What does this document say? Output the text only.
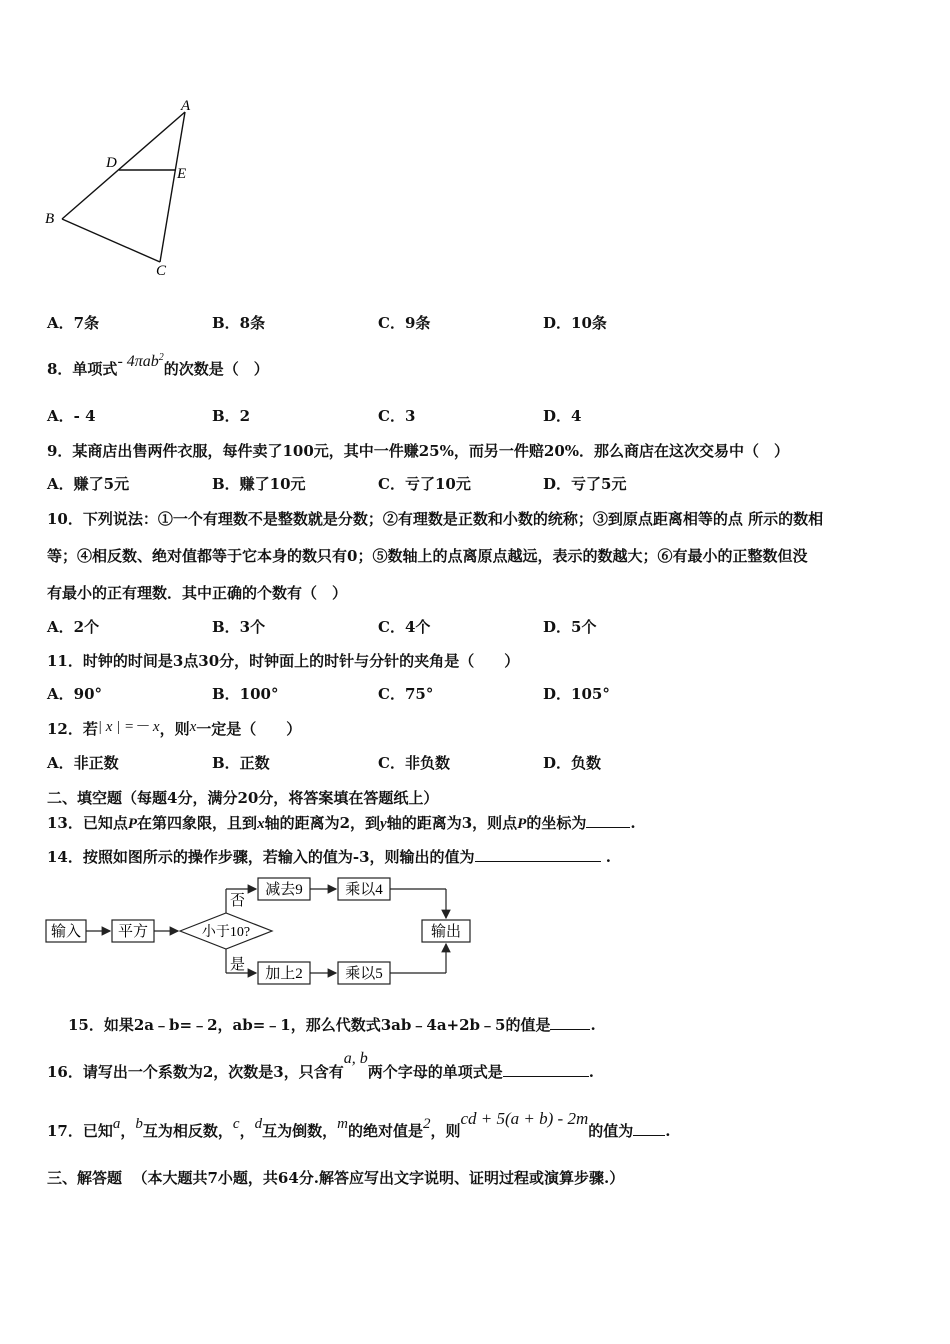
A
D
E
B
C
A．7条	B．8条	C．9条	D．10条
8．单项式- 4πab$^2$的次数是（　）
A．- 4	B．2	C．3	D．4
9．某商店出售两件衣服，每件卖了100元，其中一件赚25%，而另一件赔20%．那么商店在这次交易中（　）
A．赚了5元	B．赚了10元	C．亏了10元	D．亏了5元
10．下列说法：①一个有理数不是整数就是分数；②有理数是正数和小数的统称；③到原点距离相等的点 所示的数相
等；④相反数、绝对值都等于它本身的数只有0；⑤数轴上的点离原点越远，表示的数越大；⑥有最小的正整数但没
有最小的正有理数．其中正确的个数有（　）
A．2个	B．3个	C．4个	D．5个
11．时钟的时间是3点30分，时钟面上的时针与分针的夹角是（　　）
A．90°	B．100°	C．75°	D．105°
12．若| x | =－ x，则x一定是（　　）
A．非正数	B．正数	C．非负数	D．负数
二、填空题（每题4分，满分20分，将答案填在答题纸上）
13．已知点P在第四象限，且到x轴的距离为2，到y轴的距离为3，则点P的坐标为	.
14．按照如图所示的操作步骤，若输入的值为-3，则输出的值为	.
输入 平方	小于10?
否
减去9	乘以4
是
加上2	乘以5
输出
15．如果2a﹣b=﹣2，ab=﹣1，那么代数式3ab﹣4a+2b﹣5的值是	.
16．请写出一个系数为2，次数是3，只含有a, b两个字母的单项式是	.
17．已知a，b互为相反数，c，d互为倒数，m的绝对值是2，则cd + 5(a + b) - 2m的值为 .
三、解答题 （本大题共7小题，共64分.解答应写出文字说明、证明过程或演算步骤.）
